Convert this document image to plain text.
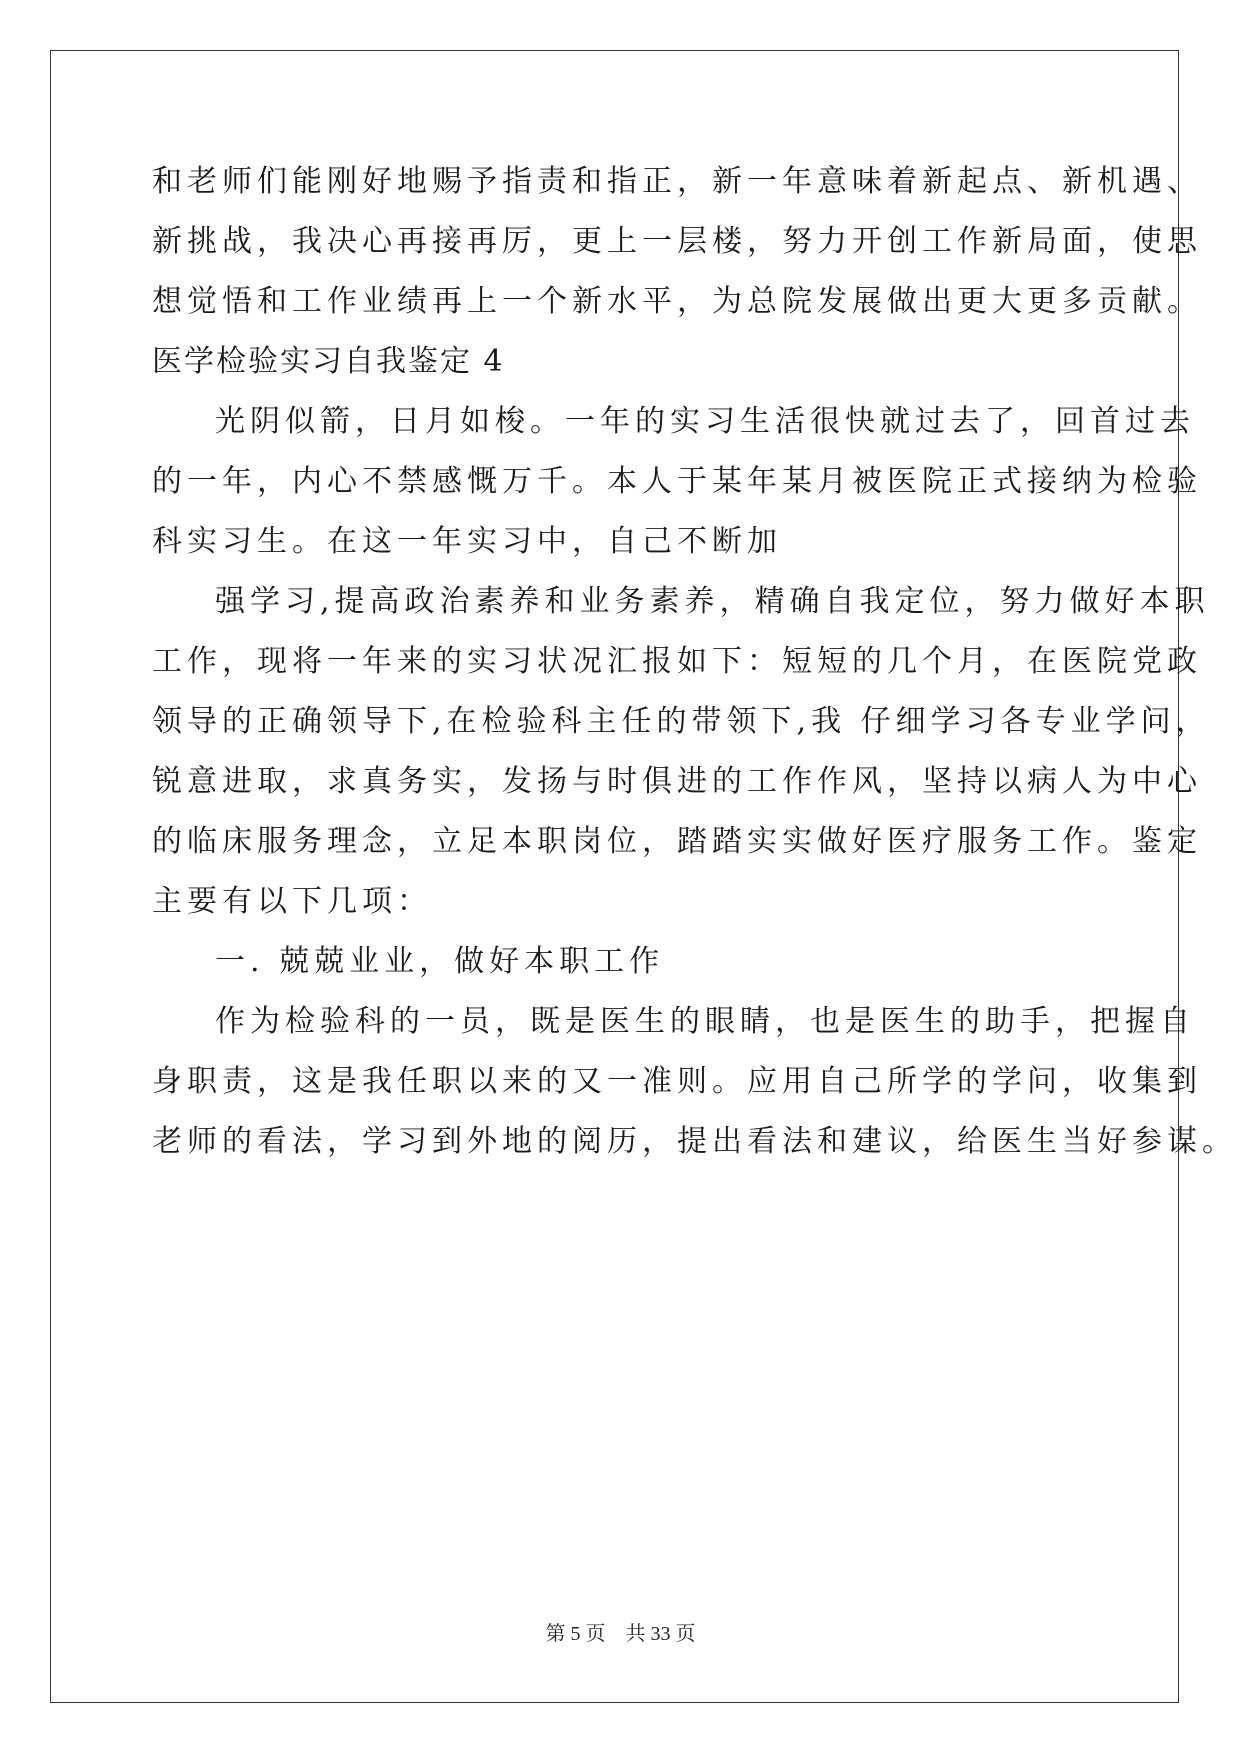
和老师们能刚好地赐予指责和指正，新一年意味着新起点、新机遇、
新挑战，我决心再接再厉，更上一层楼，努力开创工作新局面，使思
想觉悟和工作业绩再上一个新水平，为总院发展做出更大更多贡献。
医学检验实习自我鉴定 4
光阴似箭，日月如梭。一年的实习生活很快就过去了，回首过去
的一年，内心不禁感慨万千。本人于某年某月被医院正式接纳为检验
科实习生。在这一年实习中，自己不断加
强学习,提高政治素养和业务素养，精确自我定位，努力做好本职
工作，现将一年来的实习状况汇报如下：短短的几个月，在医院党政
领导的正确领导下,在检验科主任的带领下,我 仔细学习各专业学问，
锐意进取，求真务实，发扬与时俱进的工作作风，坚持以病人为中心
的临床服务理念，立足本职岗位，踏踏实实做好医疗服务工作。鉴定
主要有以下几项：
一. 兢兢业业，做好本职工作
作为检验科的一员，既是医生的眼睛，也是医生的助手，把握自
身职责，这是我任职以来的又一准则。应用自己所学的学问，收集到
老师的看法，学习到外地的阅历，提出看法和建议，给医生当好参谋。
第 5 页　共 33 页
